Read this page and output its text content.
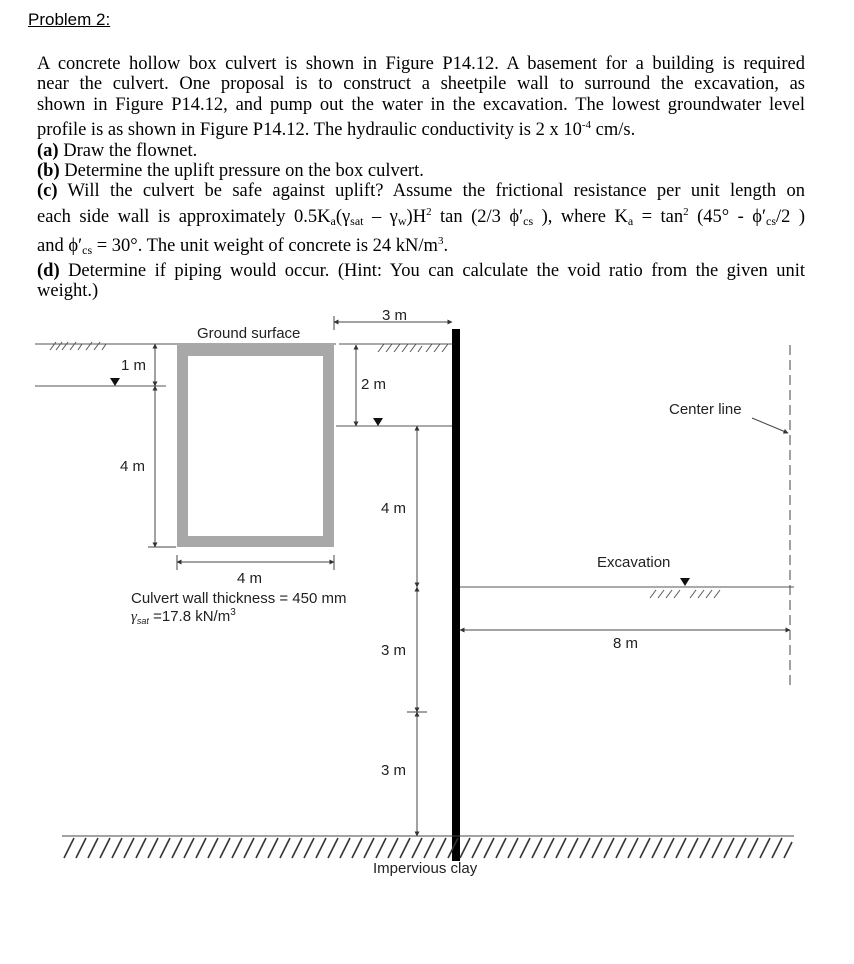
Problem 2:

A concrete hollow box culvert is shown in Figure P14.12. A basement for a building is required

near the culvert. One proposal is to construct a sheetpile wall to surround the excavation, as

shown in Figure P14.12, and pump out the water in the excavation. The lowest groundwater level

profile is as shown in Figure P14.12. The hydraulic conductivity is 2 x $10^{-4}$ cm/s.

(a) Draw the flownet.

(b) Determine the uplift pressure on the box culvert.

(c) Will the culvert be safe against uplift? Assume the frictional resistance per unit length on

each side wall is approximately $0.5K_a(\gamma_{sat} - \gamma_w)H^2$ tan (2/3 $\phi'_{cs}$ ), where $K_a = \tan^2 (45^\circ - \phi'_{cs}/2$ )

and $\phi'_{cs} = 30^\circ$. The unit weight of concrete is 24 $kN/m^3$.

(d) Determine if piping would occur. (Hint: You can calculate the void ratio from the given unit

weight.)

Ground surface
3 m
1 m
2 m
4 m
4 m
4 m
Culvert wall thickness = 450 mm
$\gamma_{sat} =17.8$ $kN/m^3$
Center line
Excavation
8 m
3 m
3 m
Impervious clay
